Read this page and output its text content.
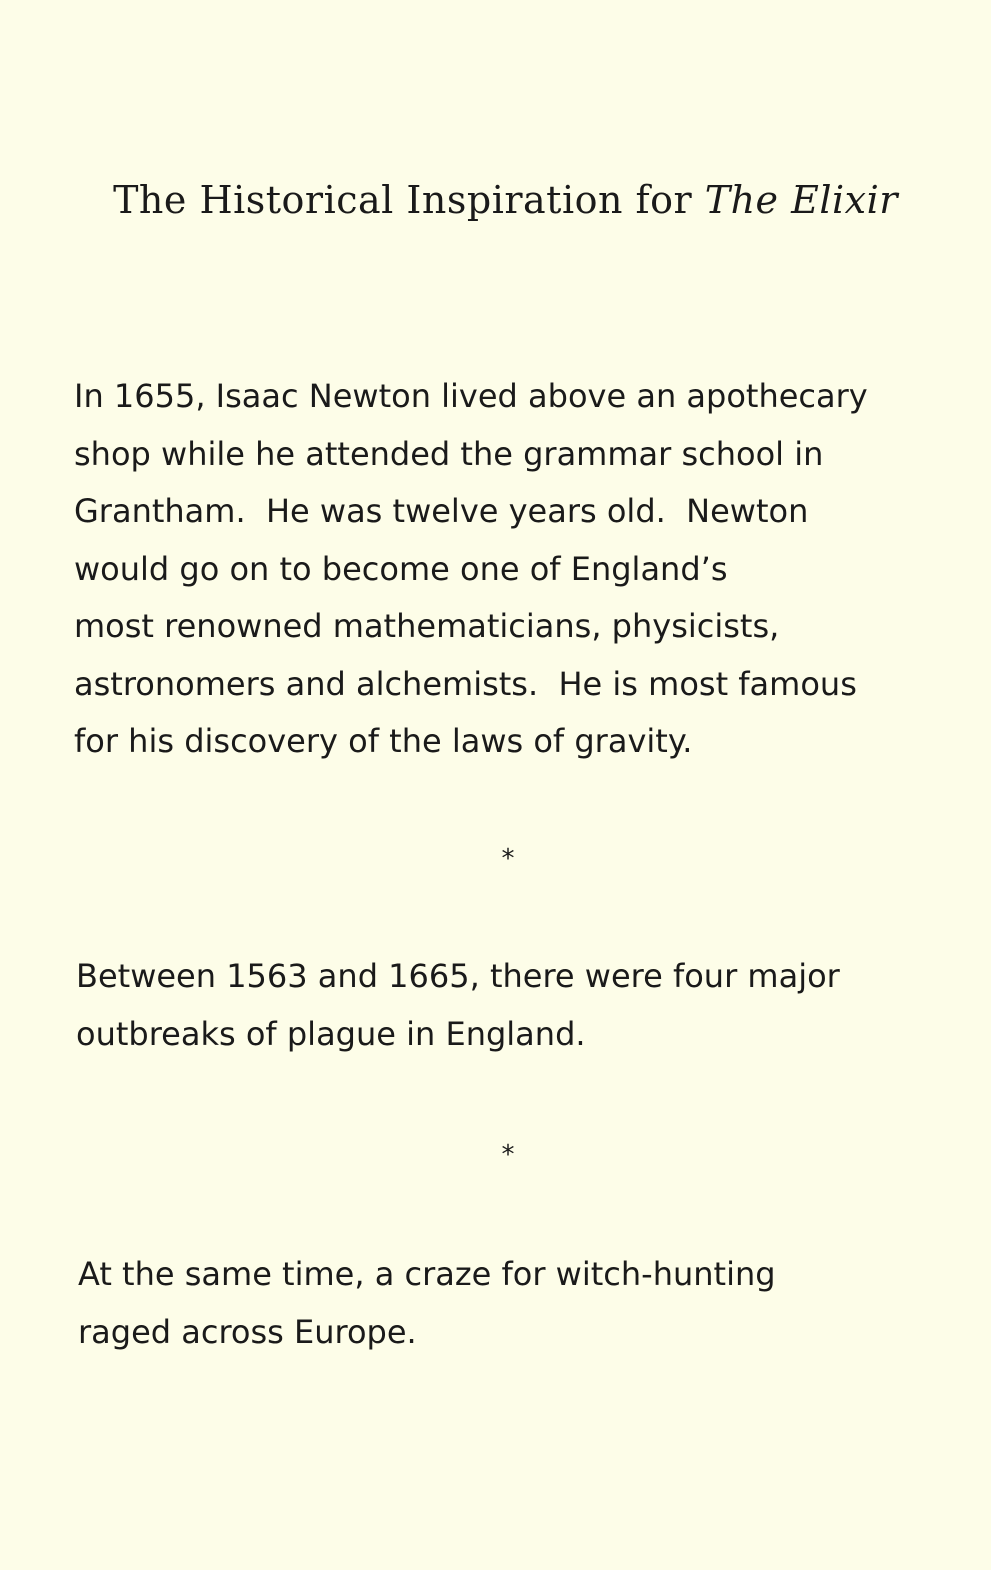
The Historical Inspiration for The Elixir

In 1655, Isaac Newton lived above an apothecary
shop while he attended the grammar school in
Grantham.  He was twelve years old.  Newton
would go on to become one of England’s
most renowned mathematicians, physicists,
astronomers and alchemists.  He is most famous
for his discovery of the laws of gravity.

*

Between 1563 and 1665, there were four major
outbreaks of plague in England.

*

At the same time, a craze for witch-hunting
raged across Europe.
